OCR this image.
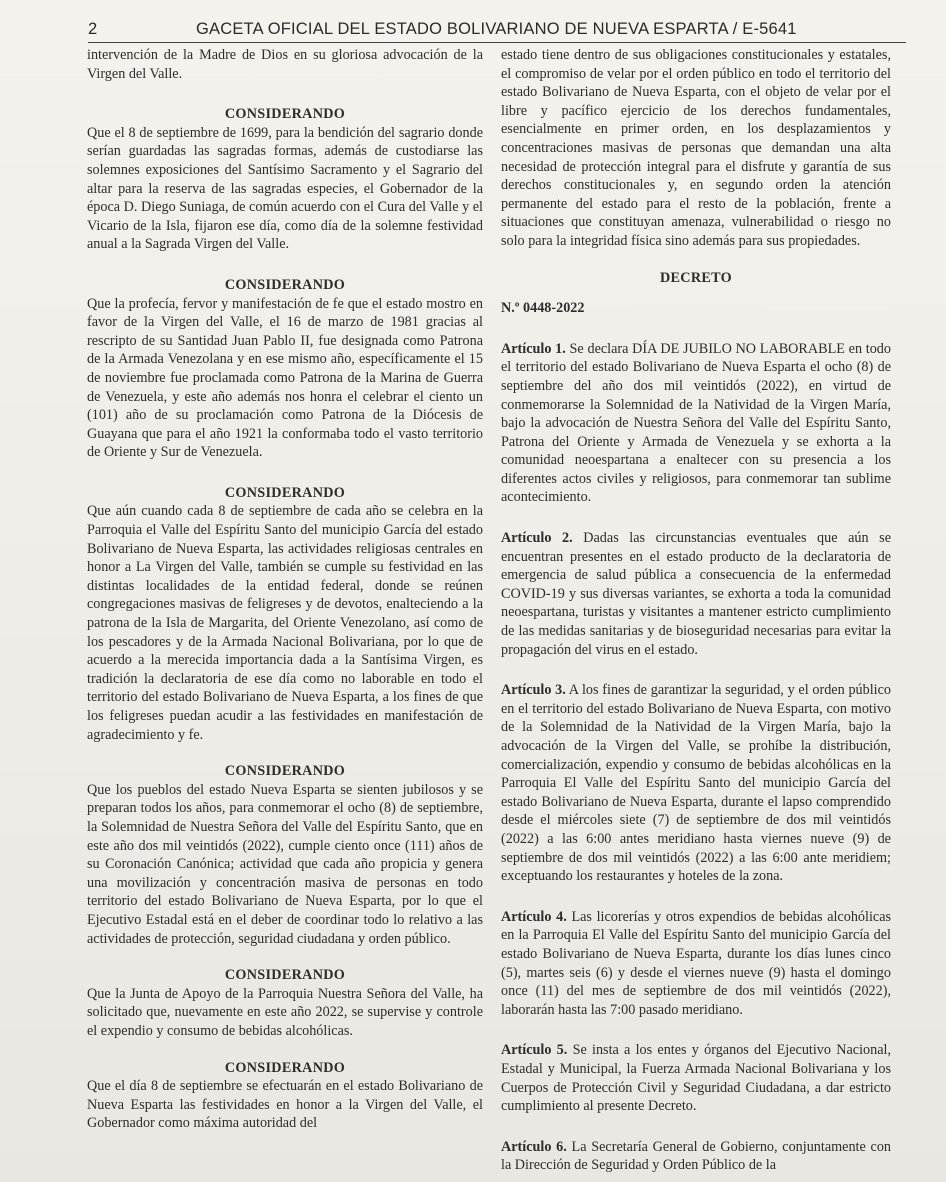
2	GACETA OFICIAL DEL ESTADO BOLIVARIANO DE NUEVA ESPARTA / E-5641

intervención de la Madre de Dios en su gloriosa advocación de la Virgen del Valle.

CONSIDERANDO

Que el 8 de septiembre de 1699, para la bendición del sagrario donde serían guardadas las sagradas formas, además de custodiarse las solemnes exposiciones del Santísimo Sacramento y el Sagrario del altar para la reserva de las sagradas especies, el Gobernador de la época D. Diego Suniaga, de común acuerdo con el Cura del Valle y el Vicario de la Isla, fijaron ese día, como día de la solemne festividad anual a la Sagrada Virgen del Valle.

CONSIDERANDO

Que la profecía, fervor y manifestación de fe que el estado mostro en favor de la Virgen del Valle, el 16 de marzo de 1981 gracias al rescripto de su Santidad Juan Pablo II, fue designada como Patrona de la Armada Venezolana y en ese mismo año, específicamente el 15 de noviembre fue proclamada como Patrona de la Marina de Guerra de Venezuela, y este año además nos honra el celebrar el ciento un (101) año de su proclamación como Patrona de la Diócesis de Guayana que para el año 1921 la conformaba todo el vasto territorio de Oriente y Sur de Venezuela.

CONSIDERANDO

Que aún cuando cada 8 de septiembre de cada año se celebra en la Parroquia el Valle del Espíritu Santo del municipio García del estado Bolivariano de Nueva Esparta, las actividades religiosas centrales en honor a La Virgen del Valle, también se cumple su festividad en las distintas localidades de la entidad federal, donde se reúnen congregaciones masivas de feligreses y de devotos, enalteciendo a la patrona de la Isla de Margarita, del Oriente Venezolano, así como de los pescadores y de la Armada Nacional Bolivariana, por lo que de acuerdo a la merecida importancia dada a la Santísima Virgen, es tradición la declaratoria de ese día como no laborable en todo el territorio del estado Bolivariano de Nueva Esparta, a los fines de que los feligreses puedan acudir a las festividades en manifestación de agradecimiento y fe.

CONSIDERANDO

Que los pueblos del estado Nueva Esparta se sienten jubilosos y se preparan todos los años, para conmemorar el ocho (8) de septiembre, la Solemnidad de Nuestra Señora del Valle del Espíritu Santo, que en este año dos mil veintidós (2022), cumple ciento once (111) años de su Coronación Canónica; actividad que cada año propicia y genera una movilización y concentración masiva de personas en todo territorio del estado Bolivariano de Nueva Esparta, por lo que el Ejecutivo Estadal está en el deber de coordinar todo lo relativo a las actividades de protección, seguridad ciudadana y orden público.

CONSIDERANDO

Que la Junta de Apoyo de la Parroquia Nuestra Señora del Valle, ha solicitado que, nuevamente en este año 2022, se supervise y controle el expendio y consumo de bebidas alcohólicas.

CONSIDERANDO

Que el día 8 de septiembre se efectuarán en el estado Bolivariano de Nueva Esparta las festividades en honor a la Virgen del Valle, el Gobernador como máxima autoridad del

estado tiene dentro de sus obligaciones constitucionales y estatales, el compromiso de velar por el orden público en todo el territorio del estado Bolivariano de Nueva Esparta, con el objeto de velar por el libre y pacífico ejercicio de los derechos fundamentales, esencialmente en primer orden, en los desplazamientos y concentraciones masivas de personas que demandan una alta necesidad de protección integral para el disfrute y garantía de sus derechos constitucionales y, en segundo orden la atención permanente del estado para el resto de la población, frente a situaciones que constituyan amenaza, vulnerabilidad o riesgo no solo para la integridad física sino además para sus propiedades.

DECRETO

N.º 0448-2022

Artículo 1. Se declara DÍA DE JUBILO NO LABORABLE en todo el territorio del estado Bolivariano de Nueva Esparta el ocho (8) de septiembre del año dos mil veintidós (2022), en virtud de conmemorarse la Solemnidad de la Natividad de la Virgen María, bajo la advocación de Nuestra Señora del Valle del Espíritu Santo, Patrona del Oriente y Armada de Venezuela y se exhorta a la comunidad neoespartana a enaltecer con su presencia a los diferentes actos civiles y religiosos, para conmemorar tan sublime acontecimiento.

Artículo 2. Dadas las circunstancias eventuales que aún se encuentran presentes en el estado producto de la declaratoria de emergencia de salud pública a consecuencia de la enfermedad COVID-19 y sus diversas variantes, se exhorta a toda la comunidad neoespartana, turistas y visitantes a mantener estricto cumplimiento de las medidas sanitarias y de bioseguridad necesarias para evitar la propagación del virus en el estado.

Artículo 3. A los fines de garantizar la seguridad, y el orden público en el territorio del estado Bolivariano de Nueva Esparta, con motivo de la Solemnidad de la Natividad de la Virgen María, bajo la advocación de la Virgen del Valle, se prohíbe la distribución, comercialización, expendio y consumo de bebidas alcohólicas en la Parroquia El Valle del Espíritu Santo del municipio García del estado Bolivariano de Nueva Esparta, durante el lapso comprendido desde el miércoles siete (7) de septiembre de dos mil veintidós (2022) a las 6:00 antes meridiano hasta viernes nueve (9) de septiembre de dos mil veintidós (2022) a las 6:00 ante meridiem; exceptuando los restaurantes y hoteles de la zona.

Artículo 4. Las licorerías y otros expendios de bebidas alcohólicas en la Parroquia El Valle del Espíritu Santo del municipio García del estado Bolivariano de Nueva Esparta, durante los días lunes cinco (5), martes seis (6) y desde el viernes nueve (9) hasta el domingo once (11) del mes de septiembre de dos mil veintidós (2022), laborarán hasta las 7:00 pasado meridiano.

Artículo 5. Se insta a los entes y órganos del Ejecutivo Nacional, Estadal y Municipal, la Fuerza Armada Nacional Bolivariana y los Cuerpos de Protección Civil y Seguridad Ciudadana, a dar estricto cumplimiento al presente Decreto.

Artículo 6. La Secretaría General de Gobierno, conjuntamente con la Dirección de Seguridad y Orden Público de la
